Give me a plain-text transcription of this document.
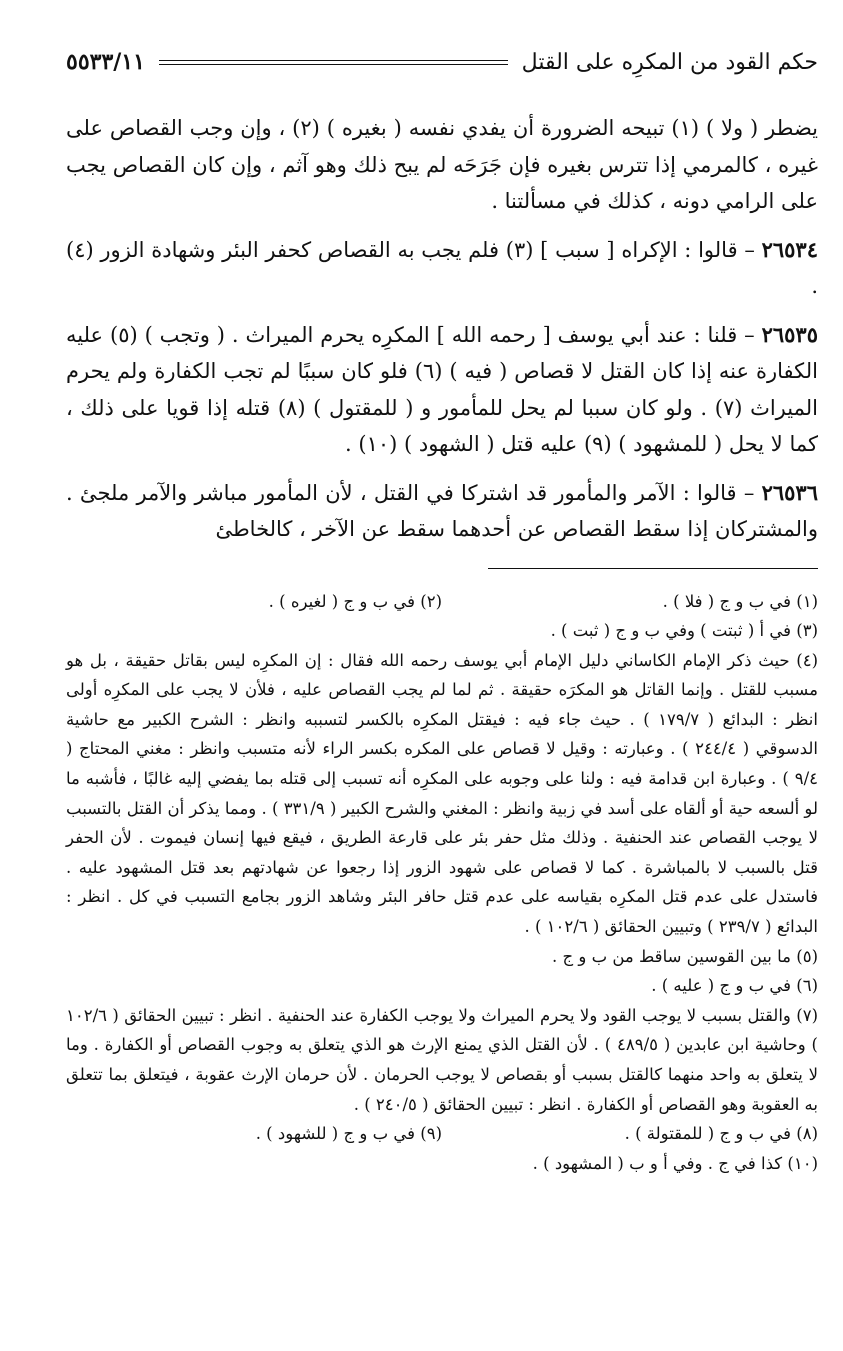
حكم القود من المكرِه على القتل
٥٥٣٣/١١

يضطر ( ولا ) (١) تبيحه الضرورة أن يفدي نفسه ( بغيره ) (٢) ، وإن وجب القصاص على غيره ، كالمرمي إذا تترس بغيره فإن جَرَحَه لم يبح ذلك وهو آثم ، وإن كان القصاص يجب على الرامي دونه ، كذلك في مسألتنا .

٢٦٥٣٤ – قالوا : الإكراه [ سبب ] (٣) فلم يجب به القصاص كحفر البئر وشهادة الزور (٤) .

٢٦٥٣٥ – قلنا : عند أبي يوسف [ رحمه الله ] المكرِه يحرم الميراث . ( وتجب ) (٥) عليه الكفارة عنه إذا كان القتل لا قصاص ( فيه ) (٦) فلو كان سببًا لم تجب الكفارة ولم يحرم الميراث (٧) . ولو كان سببا لم يحل للمأمور و ( للمقتول ) (٨) قتله إذا قويا على ذلك ، كما لا يحل ( للمشهود ) (٩) عليه قتل ( الشهود ) (١٠) .

٢٦٥٣٦ – قالوا : الآمر والمأمور قد اشتركا في القتل ، لأن المأمور مباشر والآمر ملجئ . والمشتركان إذا سقط القصاص عن أحدهما سقط عن الآخر ، كالخاطئ

(١) في ب و ج ( فلا ) .
(٢) في ب و ج ( لغيره ) .
(٣) في أ ( ثبتت ) وفي ب و ج ( ثبت ) .
(٤) حيث ذكر الإمام الكاساني دليل الإمام أبي يوسف رحمه الله فقال : إن المكرِه ليس بقاتل حقيقة ، بل هو مسبب للقتل . وإنما القاتل هو المكرَه حقيقة . ثم لما لم يجب القصاص عليه ، فلأن لا يجب على المكرِه أولى انظر : البدائع ( ١٧٩/٧ ) . حيث جاء فيه : فيقتل المكرِه بالكسر لتسببه وانظر : الشرح الكبير مع حاشية الدسوقي ( ٢٤٤/٤ ) . وعبارته : وقيل لا قصاص على المكره بكسر الراء لأنه متسبب وانظر : مغني المحتاج ( ٩/٤ ) . وعبارة ابن قدامة فيه : ولنا على وجوبه على المكرِه أنه تسبب إلى قتله بما يفضي إليه غالبًا ، فأشبه ما لو ألسعه حية أو ألقاه على أسد في زبية وانظر : المغني والشرح الكبير ( ٣٣١/٩ ) . ومما يذكر أن القتل بالتسبب لا يوجب القصاص عند الحنفية . وذلك مثل حفر بئر على قارعة الطريق ، فيقع فيها إنسان فيموت . لأن الحفر قتل بالسبب لا بالمباشرة . كما لا قصاص على شهود الزور إذا رجعوا عن شهادتهم بعد قتل المشهود عليه . فاستدل على عدم قتل المكرِه بقياسه على عدم قتل حافر البئر وشاهد الزور بجامع التسبب في كل . انظر : البدائع ( ٢٣٩/٧ ) وتبيين الحقائق ( ١٠٢/٦ ) .
(٥) ما بين القوسين ساقط من ب و ج .
(٦) في ب و ج ( عليه ) .
(٧) والقتل بسبب لا يوجب القود ولا يحرم الميراث ولا يوجب الكفارة عند الحنفية . انظر : تبيين الحقائق ( ١٠٢/٦ ) وحاشية ابن عابدين ( ٤٨٩/٥ ) . لأن القتل الذي يمنع الإرث هو الذي يتعلق به وجوب القصاص أو الكفارة . وما لا يتعلق به واحد منهما كالقتل بسبب أو بقصاص لا يوجب الحرمان . لأن حرمان الإرث عقوبة ، فيتعلق بما تتعلق به العقوبة وهو القصاص أو الكفارة . انظر : تبيين الحقائق ( ٢٤٠/٥ ) .
(٨) في ب و ج ( للمقتولة ) .
(٩) في ب و ج ( للشهود ) .
(١٠) كذا في ج . وفي أ و ب ( المشهود ) .
